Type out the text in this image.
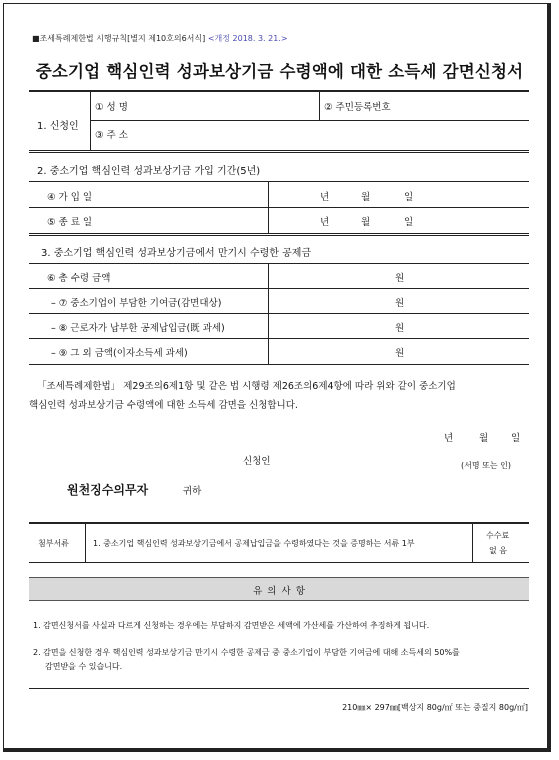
■조세특례제한법 시행규칙[별지 제10호의6서식] <개정 2018. 3. 21.>
중소기업 핵심인력 성과보상기금 수령액에 대한 소득세 감면신청서
1. 신청인
① 성 명	② 주민등록번호
③ 주 소
2. 중소기업 핵심인력 성과보상기금 가입 기간(5년)
④ 가 입 일	년	월	일
⑤ 종 료 일	년	월	일
3. 중소기업 핵심인력 성과보상기금에서 만기시 수령한 공제금
⑥ 총 수령 금액	원
– ⑦ 중소기업이 부담한 기여금(감면대상)	원
– ⑧ 근로자가 납부한 공제납입금(既 과세)	원
– ⑨ 그 외 금액(이자소득세 과세)	원
「조세특례제한법」 제29조의6제1항 및 같은 법 시행령 제26조의6제4항에 따라 위와 같이 중소기업
핵심인력 성과보상기금 수령액에 대한 소득세 감면을 신청합니다.
년	월 일
신청인	(서명 또는 인)
원천징수의무자	귀하
첨부서류	1. 중소기업 핵심인력 성과보상기금에서 공제납입금을 수령하였다는 것을 증명하는 서류 1부
수수료
없 음
유 의 사 항
1. 감면신청서를 사실과 다르게 신청하는 경우에는 부담하지 감면받은 세액에 가산세를 가산하여 추징하게 됩니다.
2. 감면을 신청한 경우 핵심인력 성과보상기금 만기시 수령한 공제금 중 중소기업이 부담한 기여금에 대해 소득세의 50%를
감면받을 수 있습니다.
210㎜× 297㎜[백상지 80g/㎡ 또는 중질지 80g/㎡]
